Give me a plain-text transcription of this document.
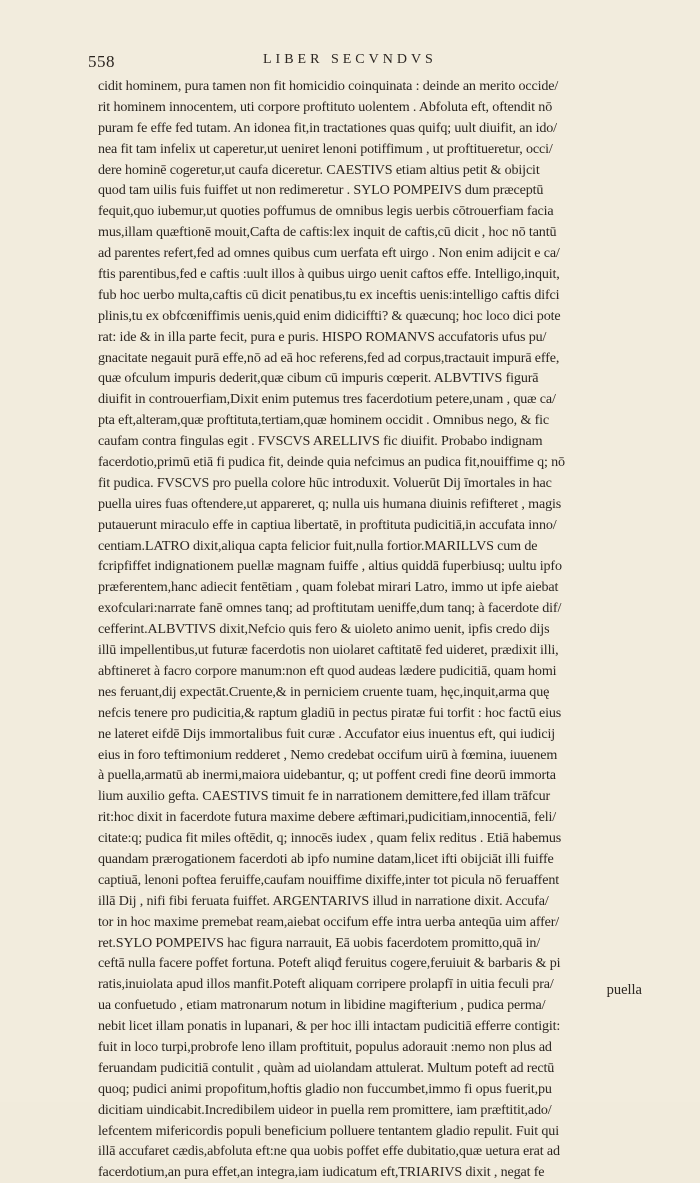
558	LIBER SECVNDVS
cidit hominem, pura tamen non fit homicidio coinquinata : deinde an merito occide/
rit hominem innocentem, uti corpore proftituto uolentem . Abfoluta eft, oftendit nō
puram fe effe fed tutam. An idonea fit,in tractationes quas quifq; uult diuifit, an ido/
nea fit tam infelix ut caperetur,ut ueniret lenoni potiffimum , ut proftitueretur, occi/
dere hominē cogeretur,ut caufa diceretur. CAESTIVS etiam altius petit & obijcit
quod tam uilis fuis fuiffet ut non redimeretur . SYLO POMPEIVS dum præceptū
fequit,quo iubemur,ut quoties poffumus de omnibus legis uerbis cōtrouerfiam facia
mus,illam quæftionē mouit,Cafta de caftis:lex inquit de caftis,cū dicit , hoc nō tantū
ad parentes refert,fed ad omnes quibus cum uerfata eft uirgo . Non enim adijcit e ca/
ftis parentibus,fed e caftis :uult illos à quibus uirgo uenit caftos effe. Intelligo,inquit,
fub hoc uerbo multa,caftis cū dicit penatibus,tu ex inceftis uenis:intelligo caftis difci
plinis,tu ex obfcœniffimis uenis,quid enim didiciffti? & quæcunq; hoc loco dici pote
rat: ide & in illa parte fecit, pura e puris. HISPO ROMANVS accufatoris ufus pu/
gnacitate negauit purā effe,nō ad eā hoc referens,fed ad corpus,tractauit impurā effe,
quæ ofculum impuris dederit,quæ cibum cū impuris cœperit. ALBVTIVS figurā
diuifit in controuerfiam,Dixit enim putemus tres facerdotium petere,unam , quæ ca/
pta eft,alteram,quæ proftituta,tertiam,quæ hominem occidit . Omnibus nego, & fic
caufam contra fingulas egit . FVSCVS ARELLIVS fic diuifit. Probabo indignam
facerdotio,primū etiā fi pudica fit, deinde quia nefcimus an pudica fit,nouiffime q; nō
fit pudica. FVSCVS pro puella colore hūc introduxit. Voluerūt Dij īmortales in hac
puella uires fuas oftendere,ut appareret, q; nulla uis humana diuinis refifteret , magis
putauerunt miraculo effe in captiua libertatē, in proftituta pudicitiā,in accufata inno/
centiam.LATRO dixit,aliqua capta felicior fuit,nulla fortior.MARILLVS cum de
fcripfiffet indignationem puellæ magnam fuiffe , altius quiddā fuperbiusq; uultu ipfo
præferentem,hanc adiecit fentētiam , quam folebat mirari Latro, immo ut ipfe aiebat
exofculari:narrate fanē omnes tanq; ad proftitutam ueniffe,dum tanq; à facerdote dif/
cefferint.ALBVTIVS dixit,Nefcio quis fero & uioleto animo uenit, ipfis credo dijs
illū impellentibus,ut futuræ facerdotis non uiolaret caftitatē fed uideret, prædixit illi,
abftineret à facro corpore manum:non eft quod audeas lædere pudicitiā, quam homi
nes feruant,dij expectāt.Cruente,& in perniciem cruente tuam, hęc,inquit,arma quę
nefcis tenere pro pudicitia,& raptum gladiū in pectus piratæ fui torfit : hoc factū eius
ne lateret eifdē Dijs immortalibus fuit curæ . Accufator eius inuentus eft, qui iudicij
eius in foro teftimonium redderet , Nemo credebat occifum uirū à fœmina, iuuenem
à puella,armatū ab inermi,maiora uidebantur, q; ut poffent credi fine deorū immorta
lium auxilio gefta. CAESTIVS timuit fe in narrationem demittere,fed illam trāfcur
rit:hoc dixit in facerdote futura maxime debere æftimari,pudicitiam,innocentiā, feli/
citate:q; pudica fit miles oftēdit, q; innocēs iudex , quam felix reditus . Etiā habemus
quandam prærogationem facerdoti ab ipfo numine datam,licet ifti obijciāt illi fuiffe
captiuā, lenoni poftea feruiffe,caufam nouiffime dixiffe,inter tot picula nō feruaffent
illā Dij , nifi fibi feruata fuiffet. ARGENTARIVS illud in narratione dixit. Accufa/
tor in hoc maxime premebat ream,aiebat occifum effe intra uerba anteqūa uim affer/
ret.SYLO POMPEIVS hac figura narrauit, Eā uobis facerdotem promitto,quā in/
ceftā nulla facere poffet fortuna. Poteft aliqđ feruitus cogere,feruiuit & barbaris & pi
ratis,inuiolata apud illos manfit.Poteft aliquam corripere prolapfī in uitia feculi pra/
ua confuetudo , etiam matronarum notum in libidine magifterium , pudica perma/
nebit licet illam ponatis in lupanari, & per hoc illi intactam pudicitiā efferre contigit:
fuit in loco turpi,probrofe leno illam proftituit, populus adorauit :nemo non plus ad
feruandam pudicitiā contulit , quàm ad uiolandam attulerat. Multum poteft ad rectū
quoq; pudici animi propofitum,hoftis gladio non fuccumbet,immo fi opus fuerit,pu
dicitiam uindicabit.Incredibilem uideor in puella rem promittere, iam præftitit,ado/
lefcentem mifericordis populi beneficium polluere tentantem gladio repulit. Fuit qui
illā accufaret cædis,abfoluta eft:ne qua uobis poffet effe dubitatio,quæ uetura erat ad
facerdotium,an pura effet,an integra,iam iudicatum eft,TRIARIVS dixit , negat fe
puella
